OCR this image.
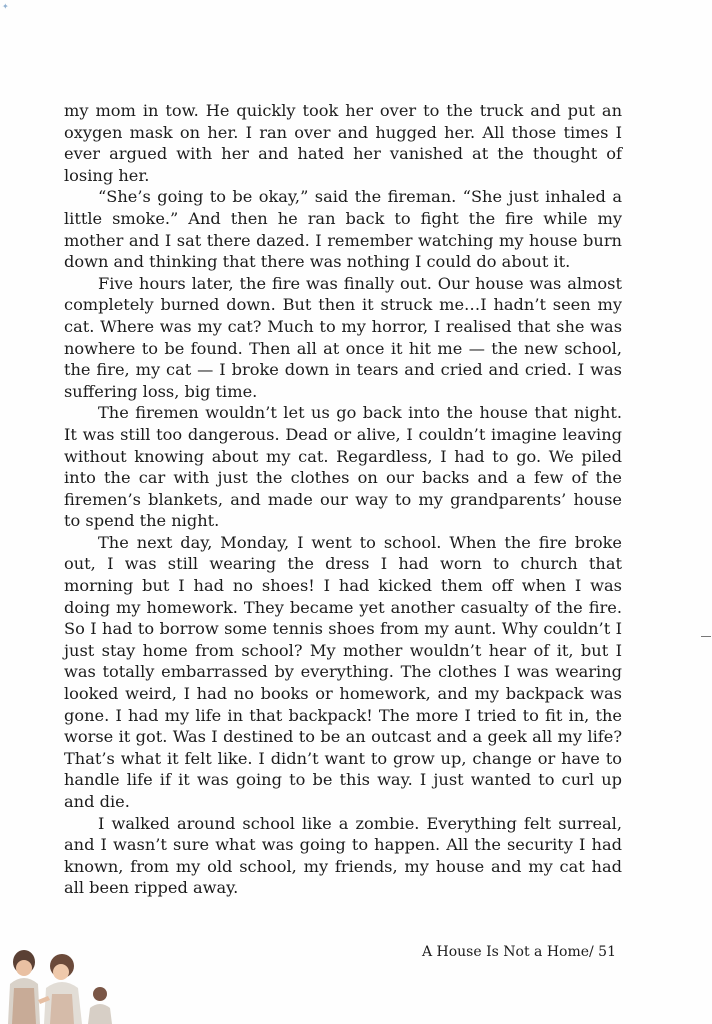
✦

my mom in tow. He quickly took her over to the truck and put an oxygen mask on her. I ran over and hugged her. All those times I ever argued with her and hated her vanished at the thought of losing her.

“She’s going to be okay,” said the fireman. “She just inhaled a little smoke.” And then he ran back to fight the fire while my mother and I sat there dazed. I remember watching my house burn down and thinking that there was nothing I could do about it.

Five hours later, the fire was finally out. Our house was almost completely burned down. But then it struck me…I hadn’t seen my cat. Where was my cat? Much to my horror, I realised that she was nowhere to be found. Then all at once it hit me — the new school, the fire, my cat — I broke down in tears and cried and cried. I was suffering loss, big time.

The firemen wouldn’t let us go back into the house that night. It was still too dangerous. Dead or alive, I couldn’t imagine leaving without knowing about my cat. Regardless, I had to go. We piled into the car with just the clothes on our backs and a few of the firemen’s blankets, and made our way to my grandparents’ house to spend the night.

The next day, Monday, I went to school. When the fire broke out, I was still wearing the dress I had worn to church that morning but I had no shoes! I had kicked them off when I was doing my homework. They became yet another casualty of the fire. So I had to borrow some tennis shoes from my aunt. Why couldn’t I just stay home from school? My mother wouldn’t hear of it, but I was totally embarrassed by everything. The clothes I was wearing looked weird, I had no books or homework, and my backpack was gone. I had my life in that backpack! The more I tried to fit in, the worse it got. Was I destined to be an outcast and a geek all my life? That’s what it felt like. I didn’t want to grow up, change or have to handle life if it was going to be this way. I just wanted to curl up and die.

I walked around school like a zombie. Everything felt surreal, and I wasn’t sure what was going to happen. All the security I had known, from my old school, my friends, my house and my cat had all been ripped away.

A House Is Not a Home/ 51
